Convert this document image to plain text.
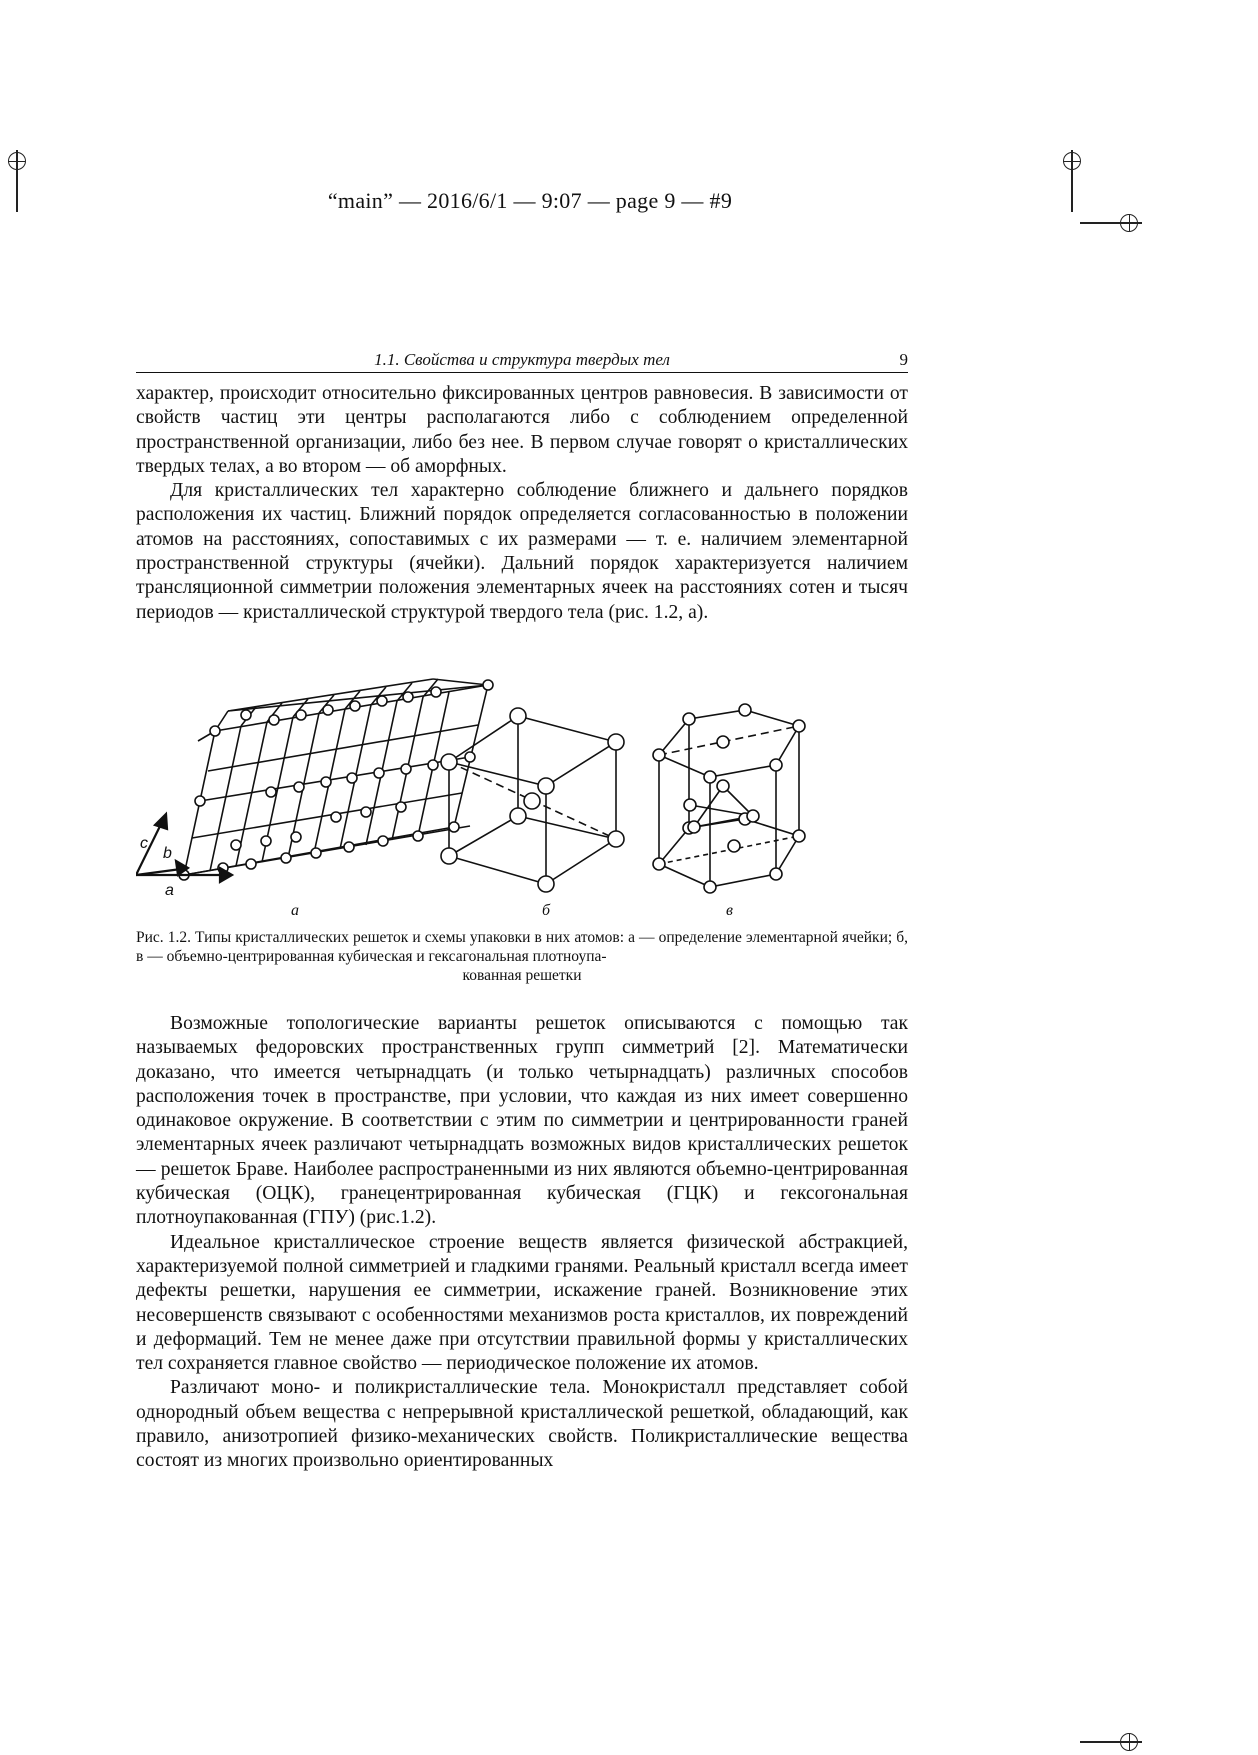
“main” — 2016/6/1 — 9:07 — page 9 — #9
1.1. Свойства и структура твердых тел	9

характер, происходит относительно фиксированных центров равновесия. В зависимости от свойств частиц эти центры располагаются либо с соблюдением определенной пространственной организации, либо без нее. В первом случае говорят о кристаллических твердых телах, а во втором — об аморфных.

Для кристаллических тел характерно соблюдение ближнего и дальнего порядков расположения их частиц. Ближний порядок определяется согласованностью в положении атомов на расстояниях, сопоставимых с их размерами — т. е. наличием элементарной пространственной структуры (ячейки). Дальний порядок характеризуется наличием трансляционной симметрии положения элементарных ячеек на расстояниях сотен и тысяч периодов — кристаллической структурой твердого тела (рис. 1.2, а).

c
b
a
а	б	в
Рис. 1.2. Типы кристаллических решеток и схемы упаковки в них атомов: а — определение элементарной ячейки; б, в — объемно-центрированная кубическая и гексагональная плотноупа-
кованная решетки

Возможные топологические варианты решеток описываются с помощью так называемых федоровских пространственных групп симметрий [2]. Математически доказано, что имеется четырнадцать (и только четырнадцать) различных способов расположения точек в пространстве, при условии, что каждая из них имеет совершенно одинаковое окружение. В соответствии с этим по симметрии и центрированности граней элементарных ячеек различают четырнадцать возможных видов кристаллических решеток — решеток Браве. Наиболее распространенными из них являются объемно-центрированная кубическая (ОЦК), гранецентрированная кубическая (ГЦК) и гексогональная плотноупакованная (ГПУ) (рис.1.2).

Идеальное кристаллическое строение веществ является физической абстракцией, характеризуемой полной симметрией и гладкими гранями. Реальный кристалл всегда имеет дефекты решетки, нарушения ее симметрии, искажение граней. Возникновение этих несовершенств связывают с особенностями механизмов роста кристаллов, их повреждений и деформаций. Тем не менее даже при отсутствии правильной формы у кристаллических тел сохраняется главное свойство — периодическое положение их атомов.

Различают моно- и поликристаллические тела. Монокристалл представляет собой однородный объем вещества с непрерывной кристаллической решеткой, обладающий, как правило, анизотропией физико-механических свойств. Поликристаллические вещества состоят из многих произвольно ориентированных
